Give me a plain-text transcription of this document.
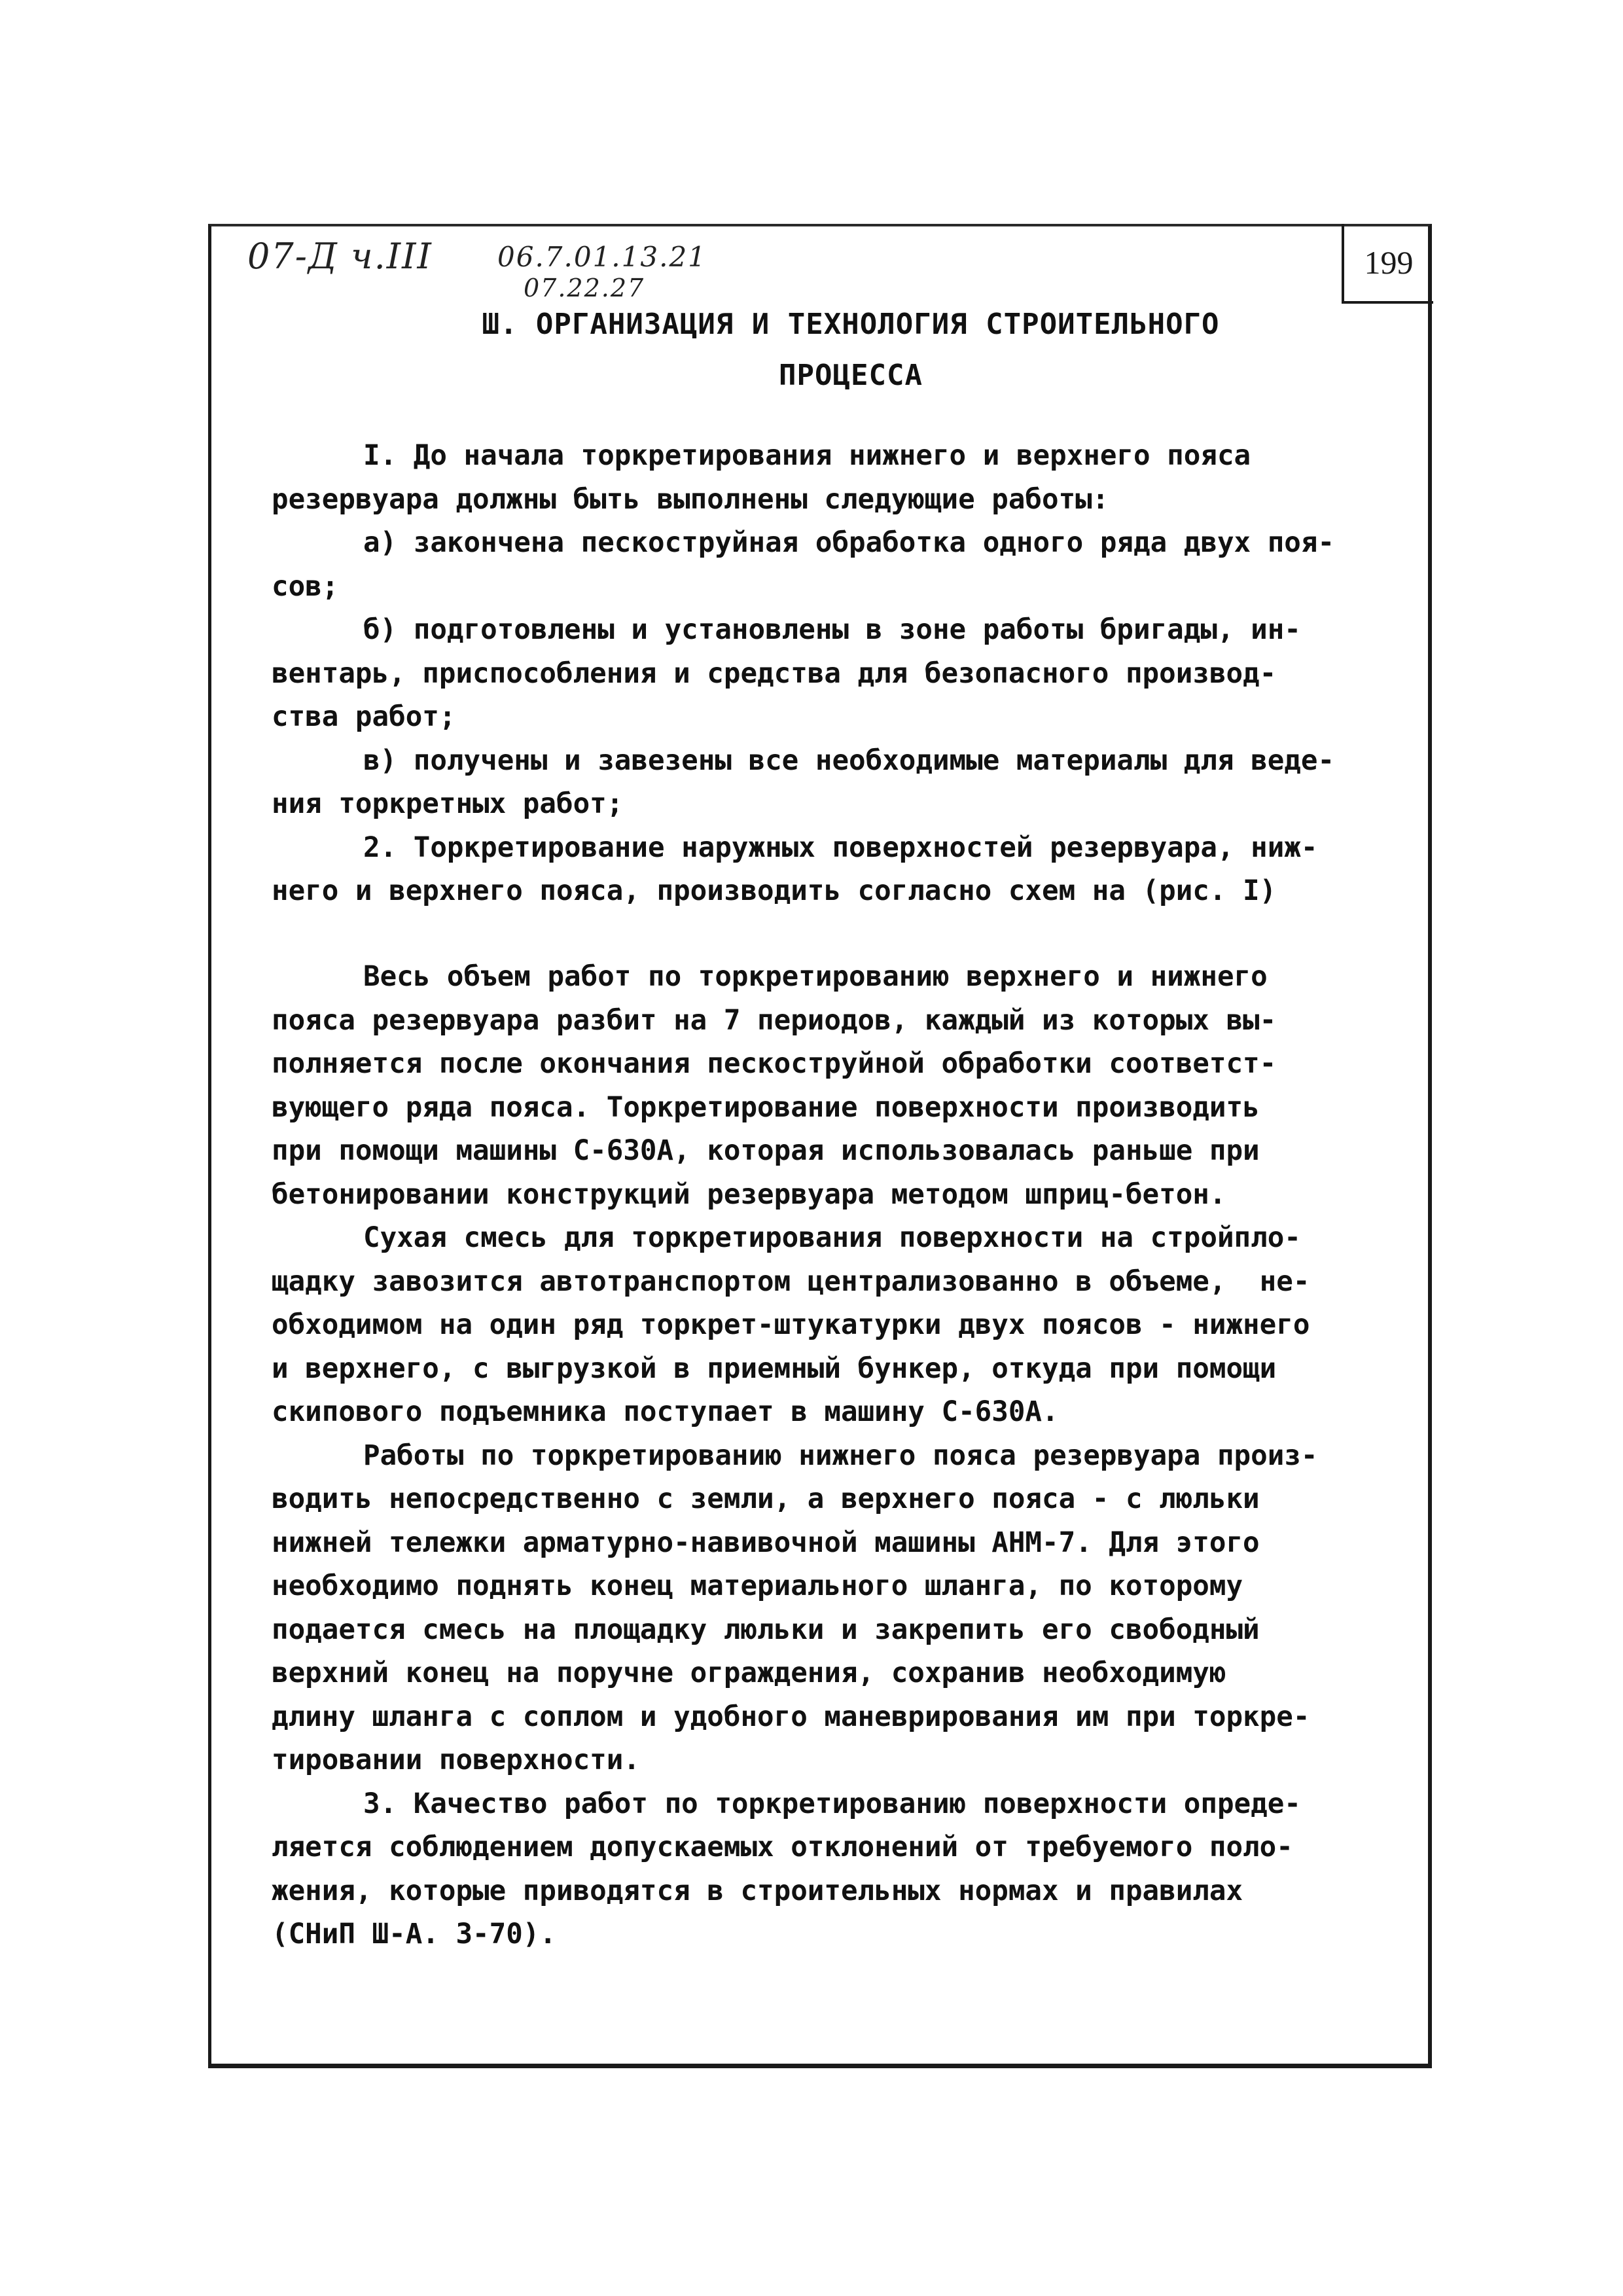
199
07-Д ч.III 06.7.01.13.21
07.22.27
Ш. ОРГАНИЗАЦИЯ И ТЕХНОЛОГИЯ СТРОИТЕЛЬНОГО
ПРОЦЕССА
I. До начала торкретирования нижнего и верхнего пояса
резервуара должны быть выполнены следующие работы:
а) закончена пескоструйная обработка одного ряда двух поя-
сов;
б) подготовлены и установлены в зоне работы бригады, ин-
вентарь, приспособления и средства для безопасного производ-
ства работ;
в) получены и завезены все необходимые материалы для веде-
ния торкретных работ;
2. Торкретирование наружных поверхностей резервуара, ниж-
него и верхнего пояса, производить согласно схем на (рис. I)
Весь объем работ по торкретированию верхнего и нижнего
пояса резервуара разбит на 7 периодов, каждый из которых вы-
полняется после окончания пескоструйной обработки соответст-
вующего ряда пояса. Торкретирование поверхности производить
при помощи машины С-630А, которая использовалась раньше при
бетонировании конструкций резервуара методом шприц-бетон.
Сухая смесь для торкретирования поверхности на стройпло-
щадку завозится автотранспортом централизованно в объеме,  не-
обходимом на один ряд торкрет-штукатурки двух поясов - нижнего
и верхнего, с выгрузкой в приемный бункер, откуда при помощи
скипового подъемника поступает в машину С-630А.
Работы по торкретированию нижнего пояса резервуара произ-
водить непосредственно с земли, а верхнего пояса - с люльки
нижней тележки арматурно-навивочной машины АНМ-7. Для этого
необходимо поднять конец материального шланга, по которому
подается смесь на площадку люльки и закрепить его свободный
верхний конец на поручне ограждения, сохранив необходимую
длину шланга с соплом и удобного маневрирования им при торкре-
тировании поверхности.
3. Качество работ по торкретированию поверхности опреде-
ляется соблюдением допускаемых отклонений от требуемого поло-
жения, которые приводятся в строительных нормах и правилах
(СНиП Ш-А. 3-70).
